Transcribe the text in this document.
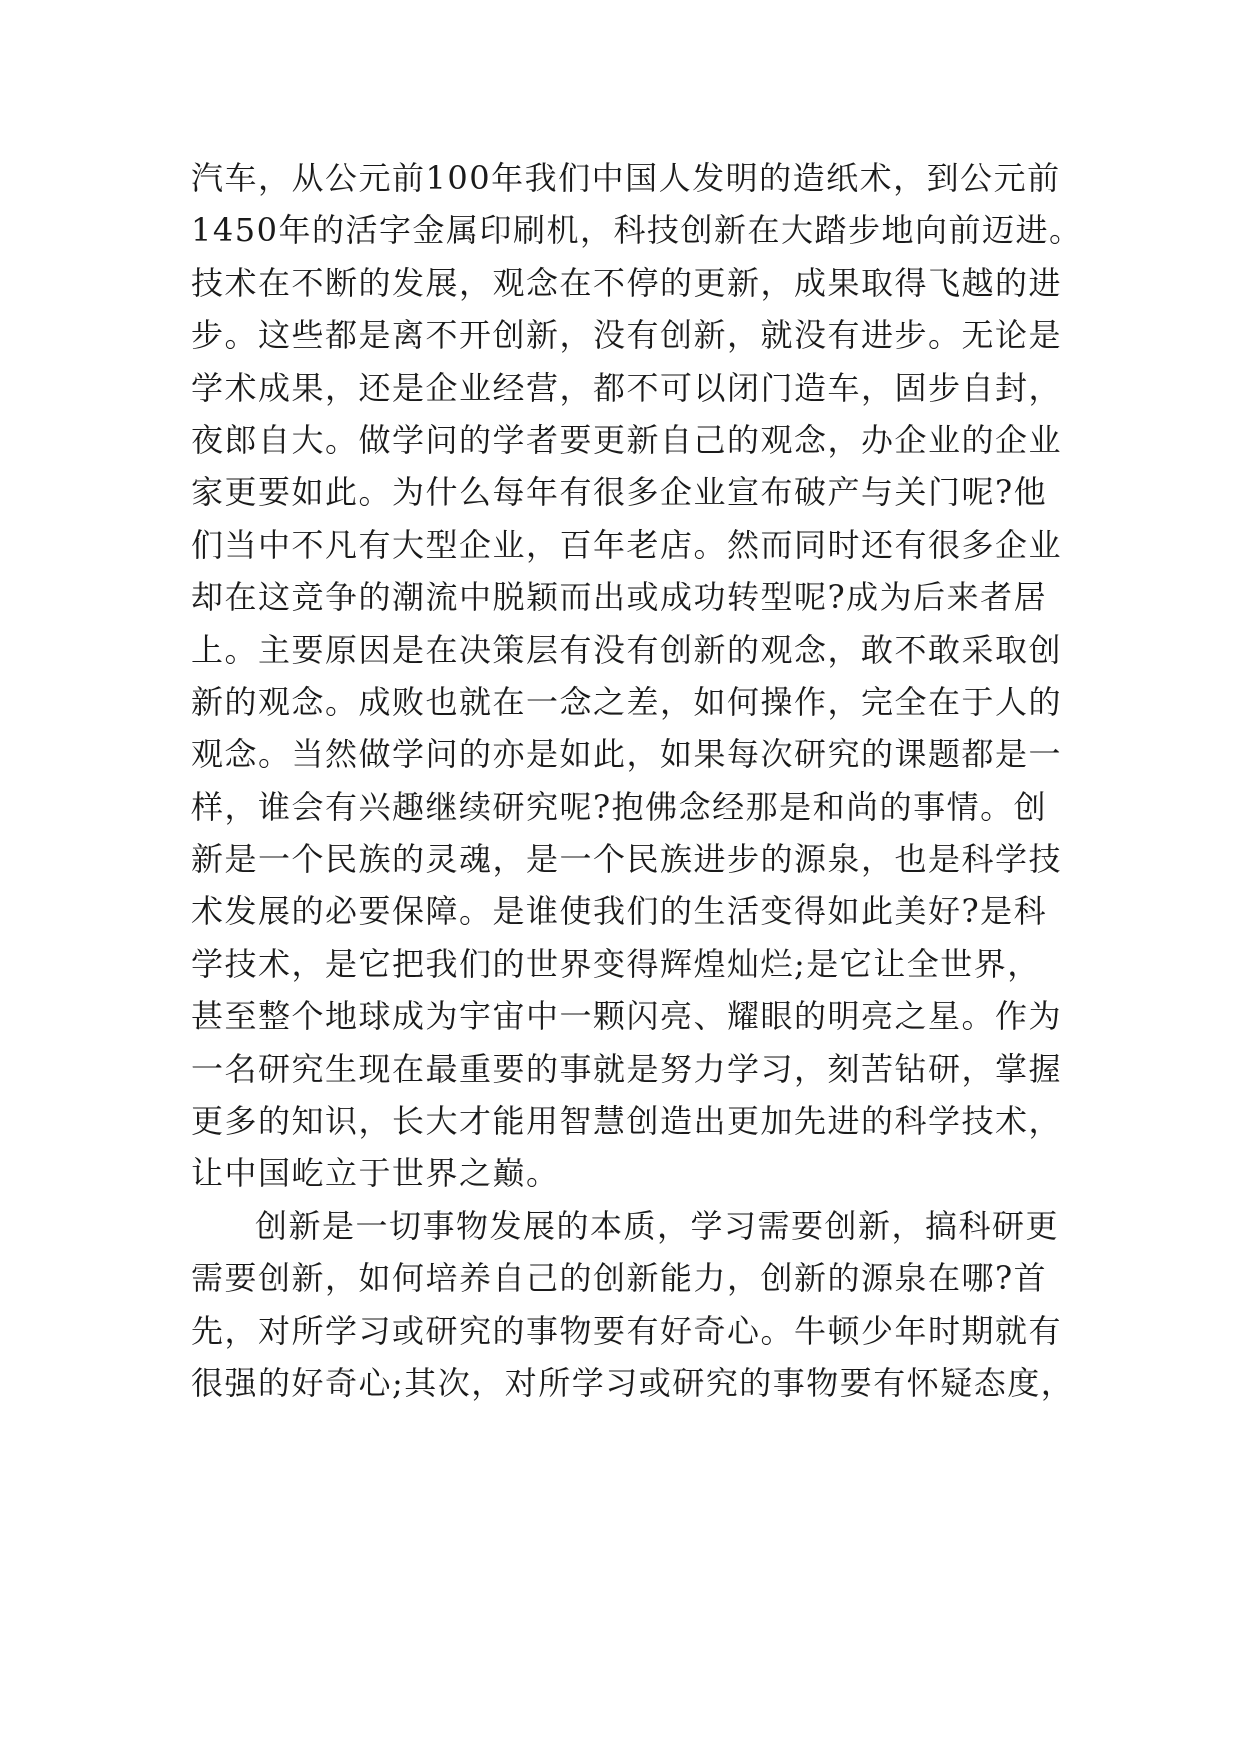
汽车，从公元前100年我们中国人发明的造纸术，到公元前
1450年的活字金属印刷机，科技创新在大踏步地向前迈进。
技术在不断的发展，观念在不停的更新，成果取得飞越的进
步。这些都是离不开创新，没有创新，就没有进步。无论是
学术成果，还是企业经营，都不可以闭门造车，固步自封，
夜郎自大。做学问的学者要更新自己的观念，办企业的企业
家更要如此。为什么每年有很多企业宣布破产与关门呢?他
们当中不凡有大型企业，百年老店。然而同时还有很多企业
却在这竞争的潮流中脱颖而出或成功转型呢?成为后来者居
上。主要原因是在决策层有没有创新的观念，敢不敢采取创
新的观念。成败也就在一念之差，如何操作，完全在于人的
观念。当然做学问的亦是如此，如果每次研究的课题都是一
样，谁会有兴趣继续研究呢?抱佛念经那是和尚的事情。创
新是一个民族的灵魂，是一个民族进步的源泉，也是科学技
术发展的必要保障。是谁使我们的生活变得如此美好?是科
学技术，是它把我们的世界变得辉煌灿烂;是它让全世界，
甚至整个地球成为宇宙中一颗闪亮、耀眼的明亮之星。作为
一名研究生现在最重要的事就是努力学习，刻苦钻研，掌握
更多的知识，长大才能用智慧创造出更加先进的科学技术，
让中国屹立于世界之巅。
创新是一切事物发展的本质，学习需要创新，搞科研更
需要创新，如何培养自己的创新能力，创新的源泉在哪?首
先，对所学习或研究的事物要有好奇心。牛顿少年时期就有
很强的好奇心;其次，对所学习或研究的事物要有怀疑态度，
